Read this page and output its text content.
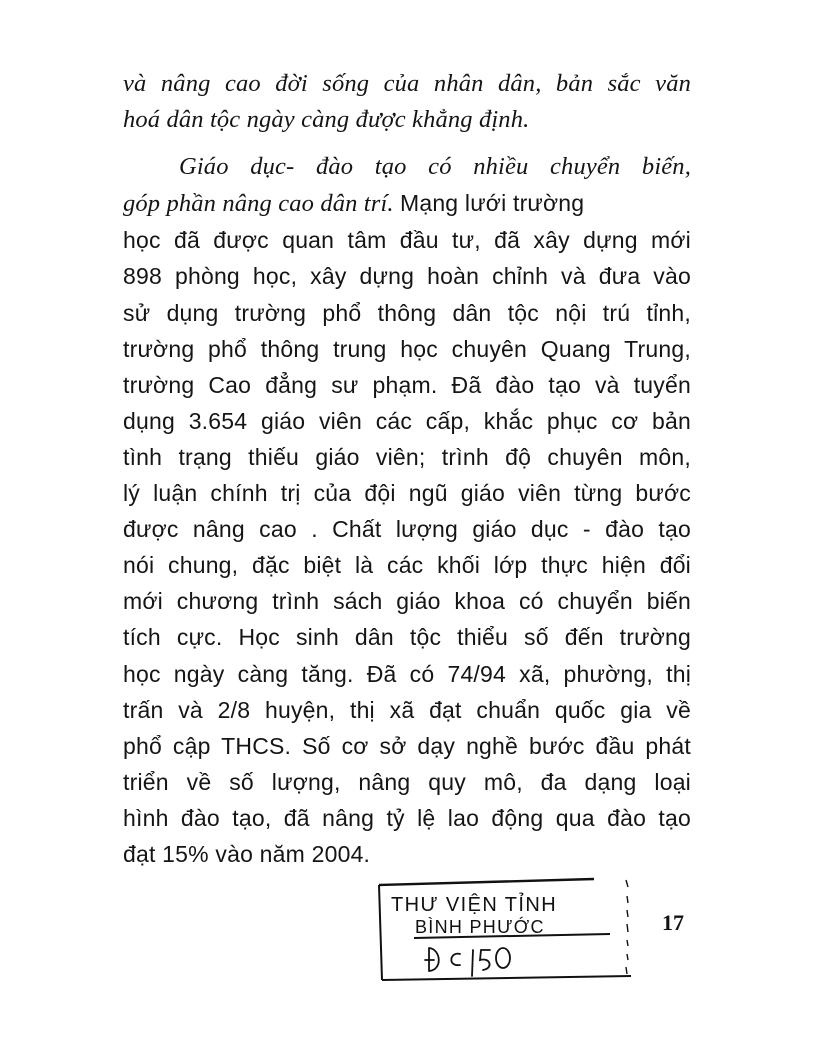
và nâng cao đời sống của nhân dân, bản sắc văn
hoá dân tộc ngày càng được khẳng định.
Giáo dục- đào tạo có nhiều chuyển biến,
góp phần nâng cao dân trí. Mạng lưới trường
học đã được quan tâm đầu tư, đã xây dựng mới
898 phòng học, xây dựng hoàn chỉnh và đưa vào
sử dụng trường phổ thông dân tộc nội trú tỉnh,
trường phổ thông trung học chuyên Quang Trung,
trường Cao đẳng sư phạm. Đã đào tạo và tuyển
dụng 3.654 giáo viên các cấp, khắc phục cơ bản
tình trạng thiếu giáo viên; trình độ chuyên môn,
lý luận chính trị của đội ngũ giáo viên từng bước
được nâng cao . Chất lượng giáo dục - đào tạo
nói chung, đặc biệt là các khối lớp thực hiện đổi
mới chương trình sách giáo khoa có chuyển biến
tích cực. Học sinh dân tộc thiểu số đến trường
học ngày càng tăng. Đã có 74/94 xã, phường, thị
trấn và 2/8 huyện, thị xã đạt chuẩn quốc gia về
phổ cập THCS. Số cơ sở dạy nghề bước đầu phát
triển về số lượng, nâng quy mô, đa dạng loại
hình đào tạo, đã nâng tỷ lệ lao động qua đào tạo
đạt 15% vào năm 2004.
THƯ VIỆN TỈNH
BÌNH PHƯỚC	17
